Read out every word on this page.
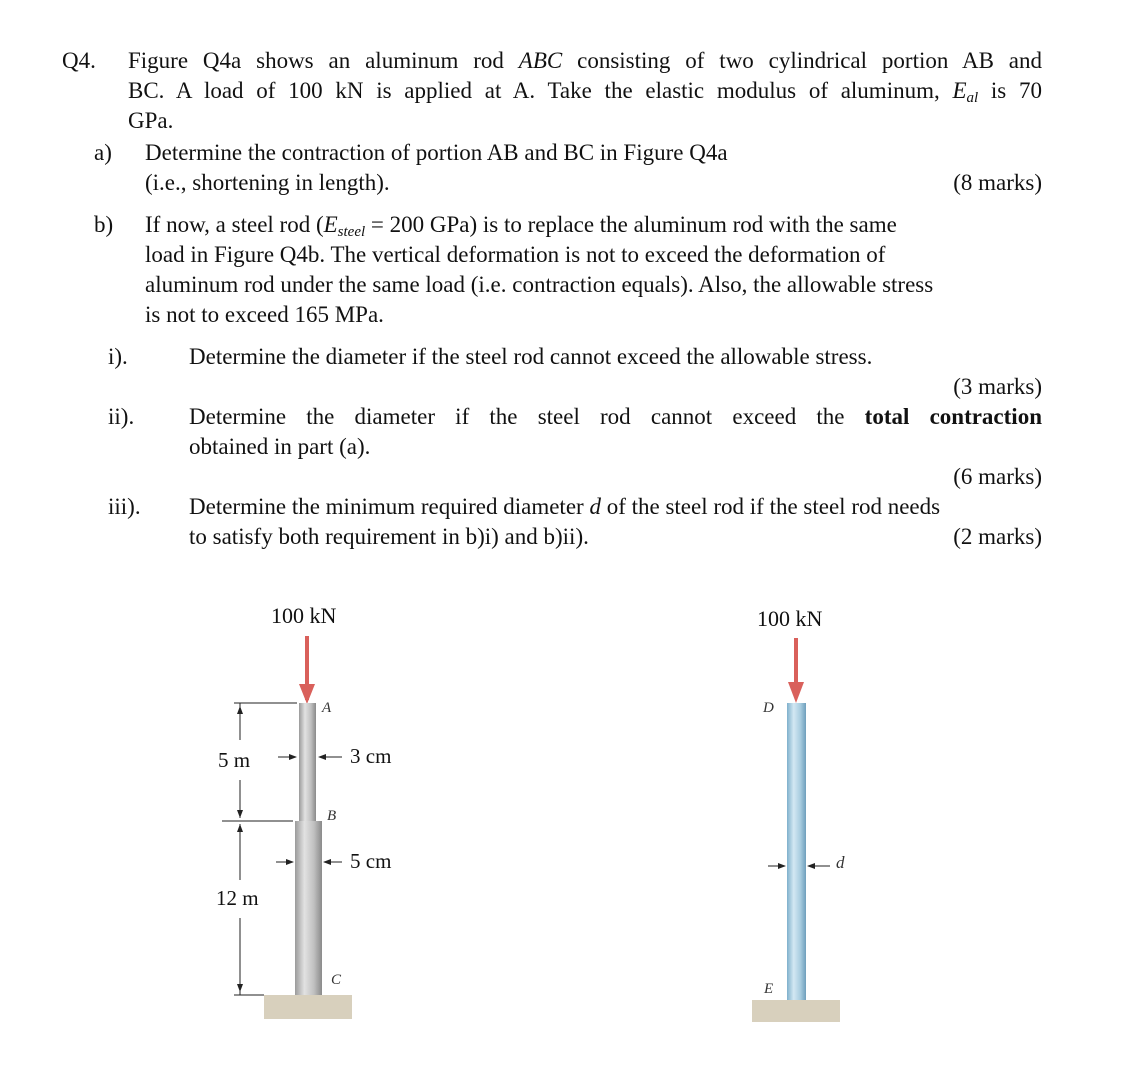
Q4. Figure Q4a shows an aluminum rod ABC consisting of two cylindrical portion AB and
BC. A load of 100 kN is applied at A. Take the elastic modulus of aluminum, $E_{al}$ is 70
GPa.
a) Determine the contraction of portion AB and BC in Figure Q4a
(i.e., shortening in length).	(8 marks)
b) If now, a steel rod ($E_{steel} = 200$ GPa) is to replace the aluminum rod with the same
load in Figure Q4b. The vertical deformation is not to exceed the deformation of
aluminum rod under the same load (i.e. contraction equals). Also, the allowable stress
is not to exceed 165 MPa.
i).	Determine the diameter if the steel rod cannot exceed the allowable stress.
(3 marks)
ii). Determine the diameter if the steel rod cannot exceed the total contraction
obtained in part (a).
(6 marks)
iii). Determine the minimum required diameter d of the steel rod if the steel rod needs
to satisfy both requirement in b)i) and b)ii).	(2 marks)
100 kN
A
B
C
5 m
12 m
3 cm
5 cm
100 kN
D
E
d
